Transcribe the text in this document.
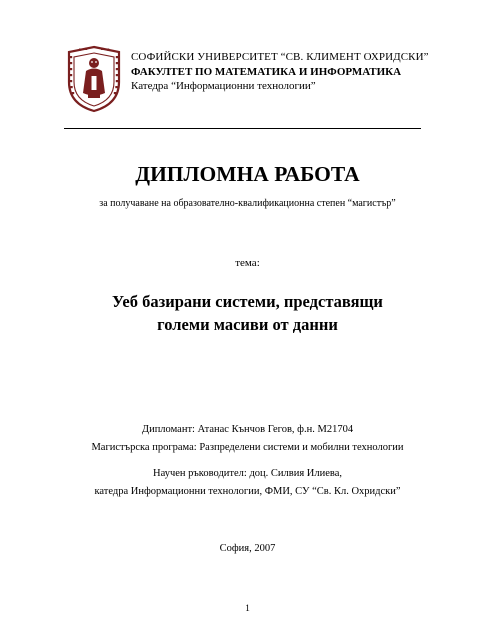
СОФИЙСКИ УНИВЕРСИТЕТ “СВ. КЛИМЕНТ ОХРИДСКИ”
ФАКУЛТЕТ ПО МАТЕМАТИКА И ИНФОРМАТИКА
Катедра “Информационни технологии”
ДИПЛОМНА РАБОТА
за получаване на образователно-квалификационна степен “магистър”
тема:
Уеб базирани системи, представящи
големи масиви от данни
Дипломант: Атанас Кънчов Гегов, ф.н. М21704
Магистърска програма: Разпределени системи и мобилни технологии
Научен ръководител: доц. Силвия Илиева,
катедра Информационни технологии, ФМИ, СУ “Св. Кл. Охридски”
София, 2007
1
